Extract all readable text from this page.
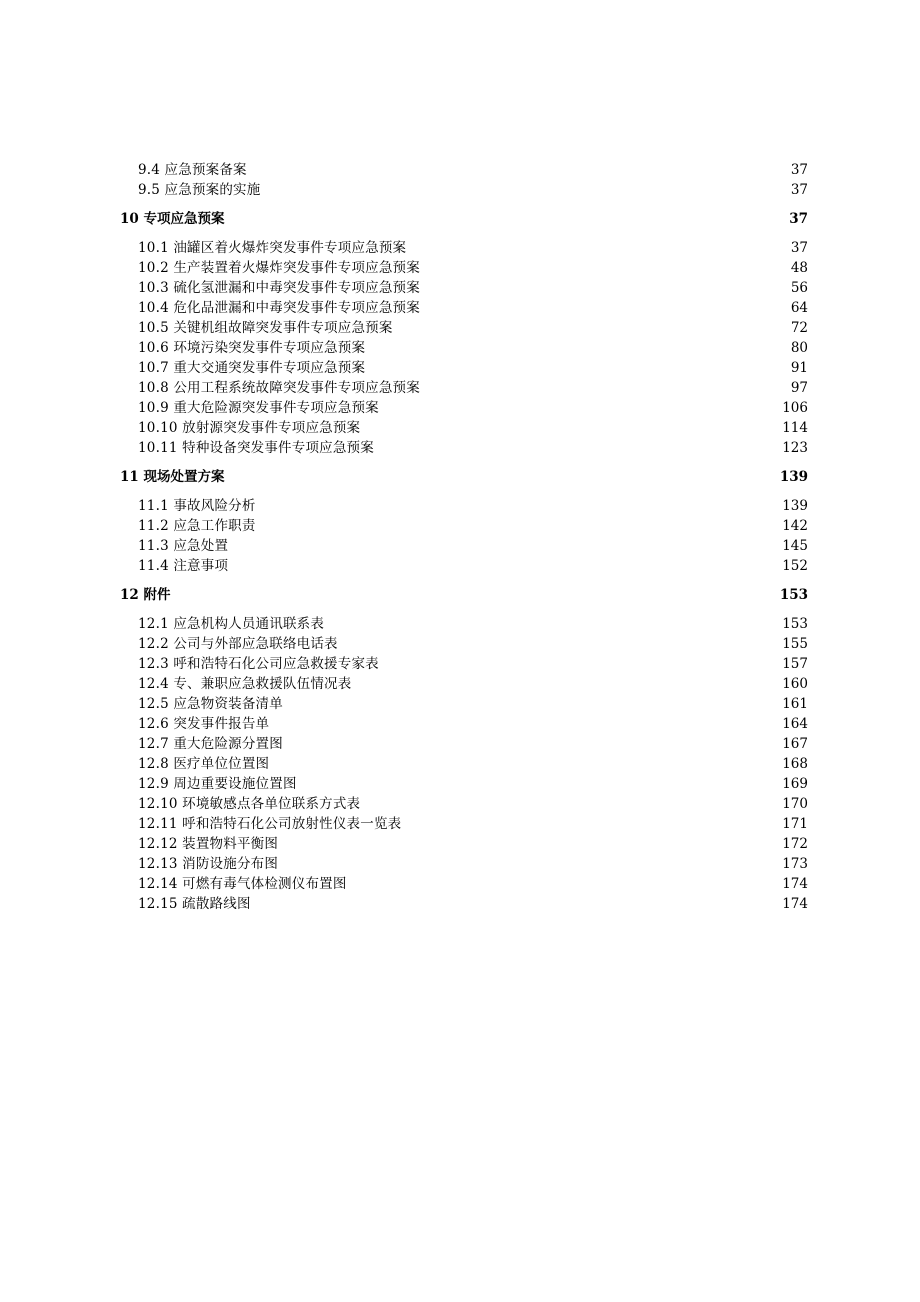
9.4 应急预案备案	37
9.5 应急预案的实施	37
10 专项应急预案	37
10.1 油罐区着火爆炸突发事件专项应急预案	37
10.2 生产装置着火爆炸突发事件专项应急预案	48
10.3 硫化氢泄漏和中毒突发事件专项应急预案	56
10.4 危化品泄漏和中毒突发事件专项应急预案	64
10.5 关键机组故障突发事件专项应急预案	72
10.6 环境污染突发事件专项应急预案	80
10.7 重大交通突发事件专项应急预案	91
10.8 公用工程系统故障突发事件专项应急预案	97
10.9 重大危险源突发事件专项应急预案	106
10.10 放射源突发事件专项应急预案	114
10.11 特种设备突发事件专项应急预案	123
11 现场处置方案	139
11.1 事故风险分析	139
11.2 应急工作职责	142
11.3 应急处置	145
11.4 注意事项	152
12 附件	153
12.1 应急机构人员通讯联系表	153
12.2 公司与外部应急联络电话表	155
12.3 呼和浩特石化公司应急救援专家表	157
12.4 专、兼职应急救援队伍情况表	160
12.5 应急物资装备清单	161
12.6 突发事件报告单	164
12.7 重大危险源分置图	167
12.8 医疗单位位置图	168
12.9 周边重要设施位置图	169
12.10 环境敏感点各单位联系方式表	170
12.11 呼和浩特石化公司放射性仪表一览表	171
12.12 装置物料平衡图	172
12.13 消防设施分布图	173
12.14 可燃有毒气体检测仪布置图	174
12.15 疏散路线图	174
